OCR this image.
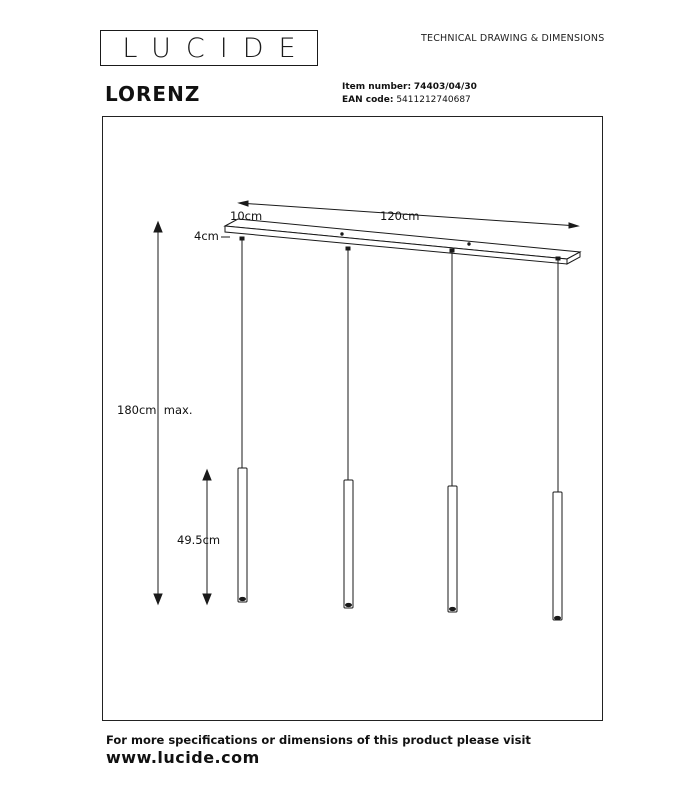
LUCIDE	TECHNICAL DRAWING & DIMENSIONS
LORENZ	Item number: 74403/04/30
EAN code: 5411212740687
120cm
10cm
4cm
180cm  max.
49.5cm
For more specifications or dimensions of this product please visit
www.lucide.com
